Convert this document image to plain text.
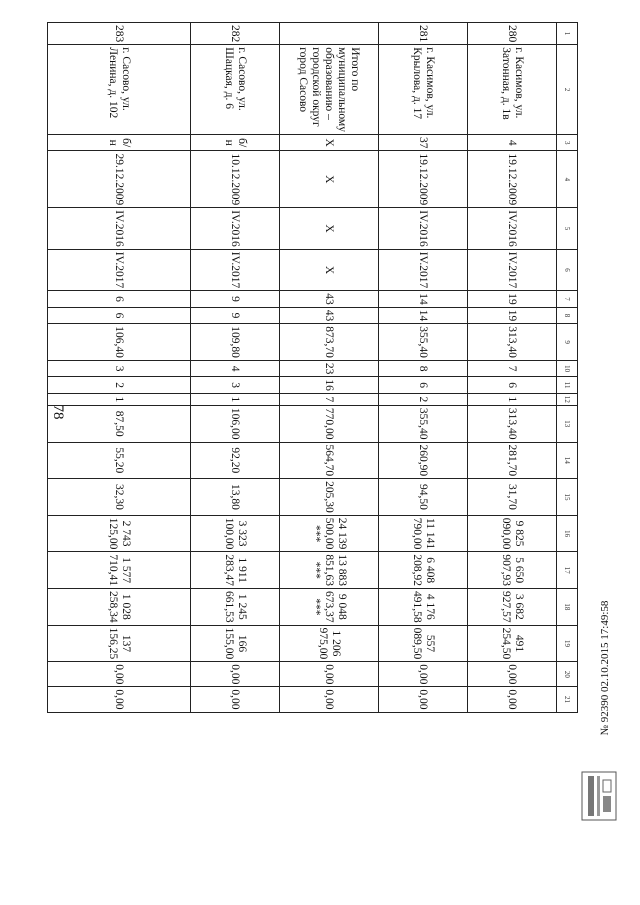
78
1	2	3	4	5	6	7	8	9	10	11	12	13	14	15	16	17	18	19	20	21
280	г. Касимов, ул. Затонная, д. 1в	4	19.12.2009	IV.2016	IV.2017	19	19	313,40	7	6	1	313,40	281,70	31,70	9 825 090,00	5 650 907,93	3 682 927,57	491 254,50	0,00	0,00
281	г. Касимов, ул. Крылова, д. 17	37	19.12.2009	IV.2016	IV.2017	14	14	355,40	8	6	2	355,40	260,90	94,50	11 141 790,00	6 408 208,92	4 176 491,58	557 089,50	0,00	0,00
	Итого по муниципальному образованию – городской округ город Сасово	X	X	X	X	43	43	873,70	23	16	7	770,00	564,70	205,30	24 139 500,00 ***	13 883 851,63 ***	9 048 673,37 ***	1 206 975,00	0,00	0,00
282	г. Сасово, ул. Шацкая, д. 6	б/н	10.12.2009	IV.2016	IV.2017	9	9	109,80	4	3	1	106,00	92,20	13,80	3 323 100,00	1 911 283,47	1 245 661,53	166 155,00	0,00	0,00
283	г. Сасово, ул. Ленина, д. 102	б/н	29.12.2009	IV.2016	IV.2017	6	6	106,40	3	2	1	87,50	55,20	32,30	2 743 125,00	1 577 710,41	1 028 258,34	137 156,25	0,00	0,00	№ 92390 02.10.2015 17:49:58
